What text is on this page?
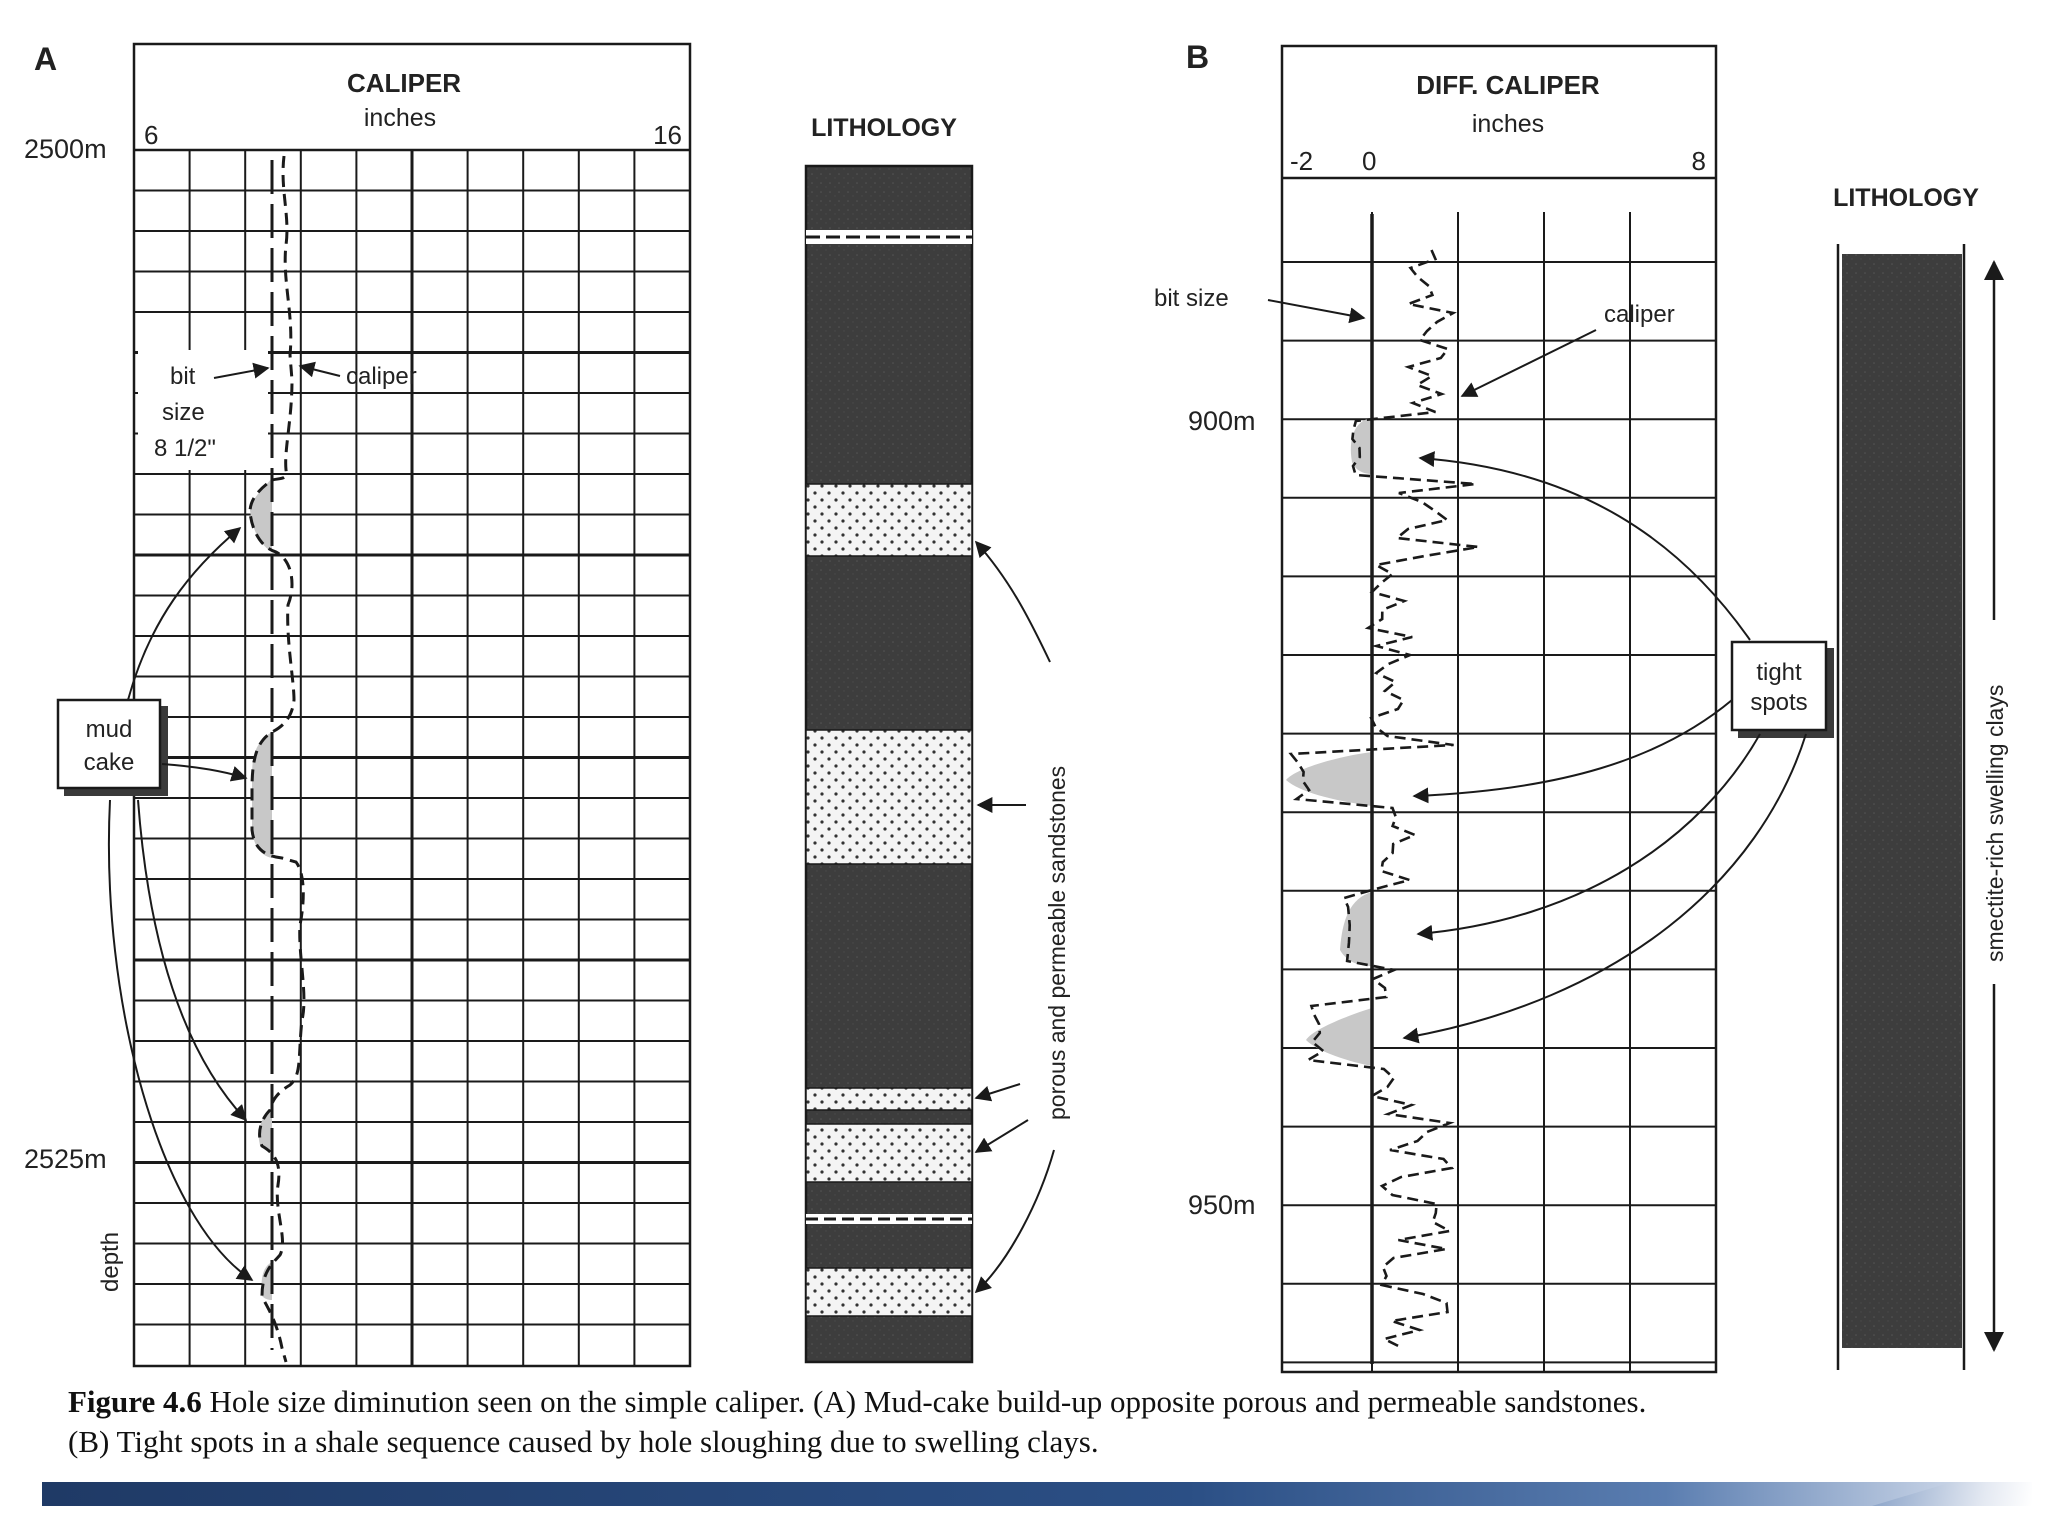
A
CALIPER
inches
6	16
2500m
2525m
depth
bit
size
8 1/2"
caliper
mud
cake
LITHOLOGY
porous and permeable sandstones
B
DIFF. CALIPER
inches
-2 0	8
900m
950m
bit size
caliper
tight
spots
LITHOLOGY
smectite-rich swelling clays
Figure 4.6 Hole size diminution seen on the simple caliper. (A) Mud-cake build-up opposite porous and permeable sandstones.
(B) Tight spots in a shale sequence caused by hole sloughing due to swelling clays.
